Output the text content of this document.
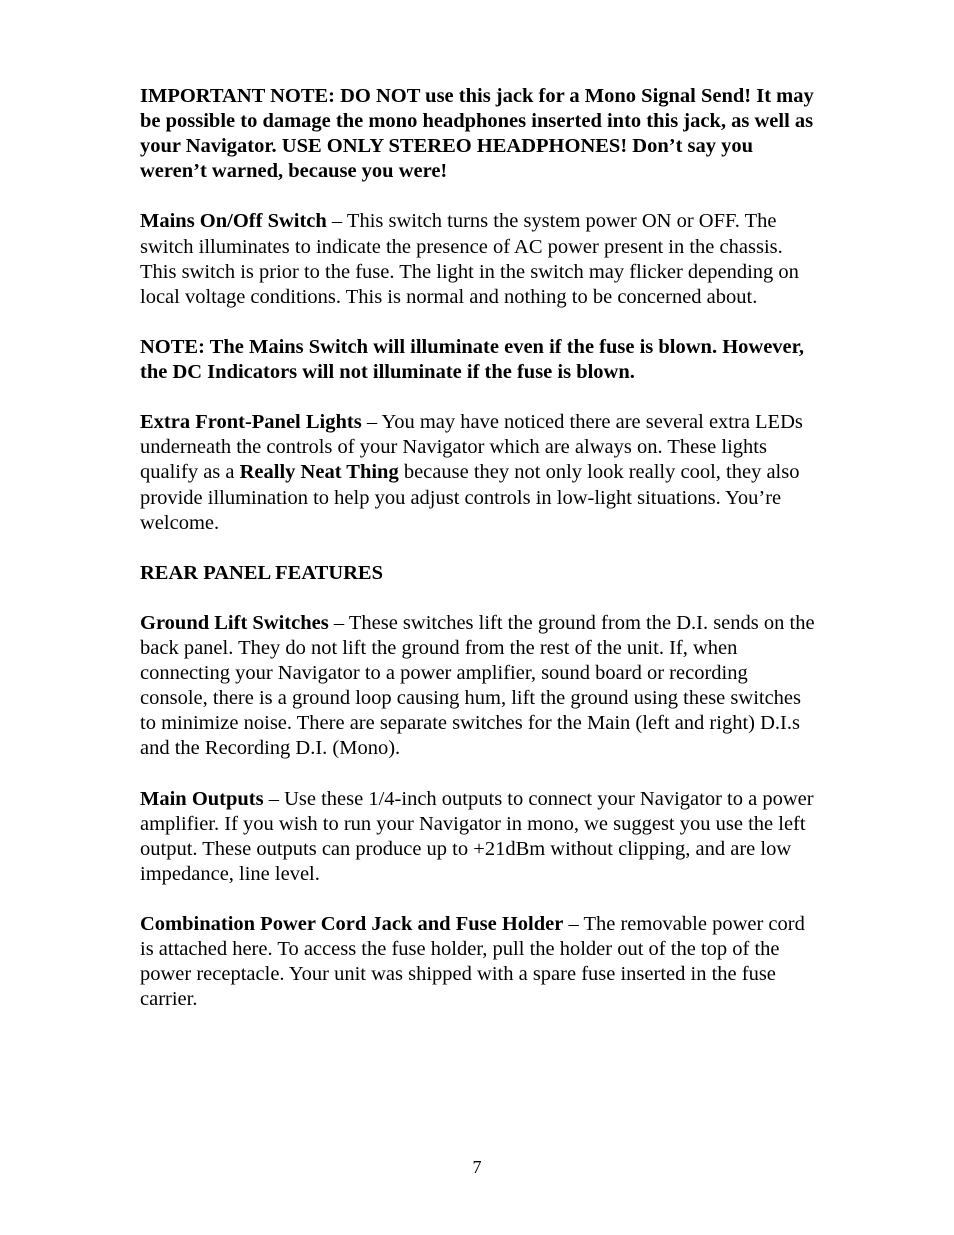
IMPORTANT NOTE: DO NOT use this jack for a Mono Signal Send! It may be possible to damage the mono headphones inserted into this jack, as well as your Navigator. USE ONLY STEREO HEADPHONES! Don’t say you weren’t warned, because you were!

Mains On/Off Switch – This switch turns the system power ON or OFF. The switch illuminates to indicate the presence of AC power present in the chassis. This switch is prior to the fuse. The light in the switch may flicker depending on local voltage conditions. This is normal and nothing to be concerned about.

NOTE: The Mains Switch will illuminate even if the fuse is blown. However, the DC Indicators will not illuminate if the fuse is blown.

Extra Front-Panel Lights – You may have noticed there are several extra LEDs underneath the controls of your Navigator which are always on. These lights qualify as a Really Neat Thing because they not only look really cool, they also provide illumination to help you adjust controls in low-light situations. You’re welcome.

REAR PANEL FEATURES

Ground Lift Switches – These switches lift the ground from the D.I. sends on the back panel. They do not lift the ground from the rest of the unit. If, when connecting your Navigator to a power amplifier, sound board or recording console, there is a ground loop causing hum, lift the ground using these switches to minimize noise. There are separate switches for the Main (left and right) D.I.s and the Recording D.I. (Mono).

Main Outputs – Use these 1/4-inch outputs to connect your Navigator to a power amplifier. If you wish to run your Navigator in mono, we suggest you use the left output. These outputs can produce up to +21dBm without clipping, and are low impedance, line level.

Combination Power Cord Jack and Fuse Holder – The removable power cord is attached here. To access the fuse holder, pull the holder out of the top of the power receptacle. Your unit was shipped with a spare fuse inserted in the fuse carrier.

7
